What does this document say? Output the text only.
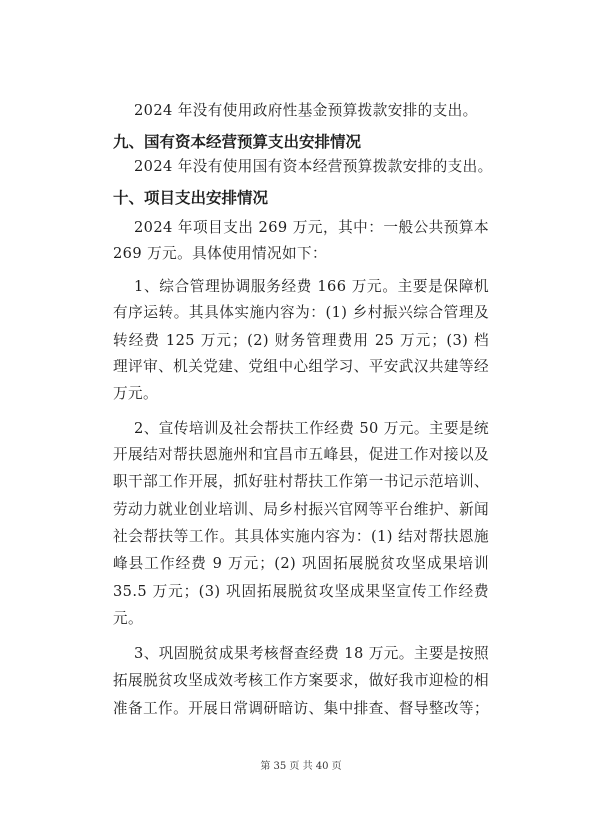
2024 年没有使用政府性基金预算拨款安排的支出。
九、国有资本经营预算支出安排情况
2024 年没有使用国有资本经营预算拨款安排的支出。
十、项目支出安排情况
2024 年项目支出 269 万元，其中：一般公共预算本
269 万元。具体使用情况如下：
1、综合管理协调服务经费 166 万元。主要是保障机
有序运转。其具体实施内容为：(1) 乡村振兴综合管理及
转经费 125 万元；(2) 财务管理费用 25 万元；(3) 档
理评审、机关党建、党组中心组学习、平安武汉共建等经
万元。
2、宣传培训及社会帮扶工作经费 50 万元。主要是统
开展结对帮扶恩施州和宜昌市五峰县，促进工作对接以及
职干部工作开展，抓好驻村帮扶工作第一书记示范培训、
劳动力就业创业培训、局乡村振兴官网等平台维护、新闻
社会帮扶等工作。其具体实施内容为：(1) 结对帮扶恩施
峰县工作经费 9 万元；(2) 巩固拓展脱贫攻坚成果培训
35.5 万元；(3) 巩固拓展脱贫攻坚成果坚宣传工作经费
元。
3、巩固脱贫成果考核督查经费 18 万元。主要是按照
拓展脱贫攻坚成效考核工作方案要求，做好我市迎检的相
准备工作。开展日常调研暗访、集中排查、督导整改等；
第 35 页 共 40 页
